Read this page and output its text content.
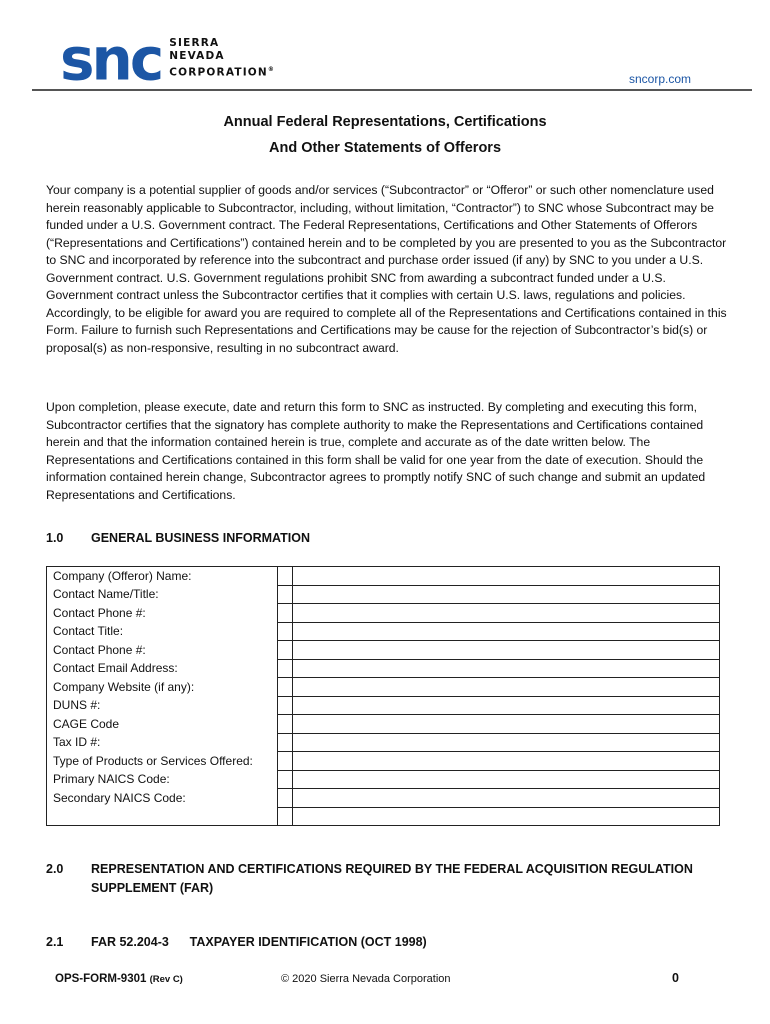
snc SIERRA
NEVADA
CORPORATION®
sncorp.com
Annual Federal Representations, Certifications
And Other Statements of Offerors

Your company is a potential supplier of goods and/or services (“Subcontractor” or “Offeror” or such other nomenclature used herein reasonably applicable to Subcontractor, including, without limitation, “Contractor”) to SNC whose Subcontract may be funded under a U.S. Government contract. The Federal Representations, Certifications and Other Statements of Offerors (“Representations and Certifications”) contained herein and to be completed by you are presented to you as the Subcontractor to SNC and incorporated by reference into the subcontract and purchase order issued (if any) by SNC to you under a U.S. Government contract. U.S. Government regulations prohibit SNC from awarding a subcontract funded under a U.S. Government contract unless the Subcontractor certifies that it complies with certain U.S. laws, regulations and policies. Accordingly, to be eligible for award you are required to complete all of the Representations and Certifications contained in this Form. Failure to furnish such Representations and Certifications may be cause for the rejection of Subcontractor’s bid(s) or proposal(s) as non-responsive, resulting in no subcontract award.

Upon completion, please execute, date and return this form to SNC as instructed. By completing and executing this form, Subcontractor certifies that the signatory has complete authority to make the Representations and Certifications contained herein and that the information contained herein is true, complete and accurate as of the date written below. The Representations and Certifications contained in this form shall be valid for one year from the date of execution. Should the information contained herein change, Subcontractor agrees to promptly notify SNC of such change and submit an updated Representations and Certifications.

1.0	GENERAL BUSINESS INFORMATION
Company (Offeror) Name:		
Contact Name/Title:		
Contact Phone #:		
Contact Title:		
Contact Phone #:		
Contact Email Address:		
Company Website (if any):		
DUNS #:		
CAGE Code		
Tax ID #:		
Type of Products or Services Offered:		
Primary NAICS Code:		
Secondary NAICS Code:		

2.0	REPRESENTATION AND CERTIFICATIONS REQUIRED BY THE FEDERAL ACQUISITION REGULATION SUPPLEMENT (FAR)
2.1	FAR 52.204-3      TAXPAYER IDENTIFICATION (OCT 1998)
OPS-FORM-9301 (Rev C)	© 2020 Sierra Nevada Corporation	0
